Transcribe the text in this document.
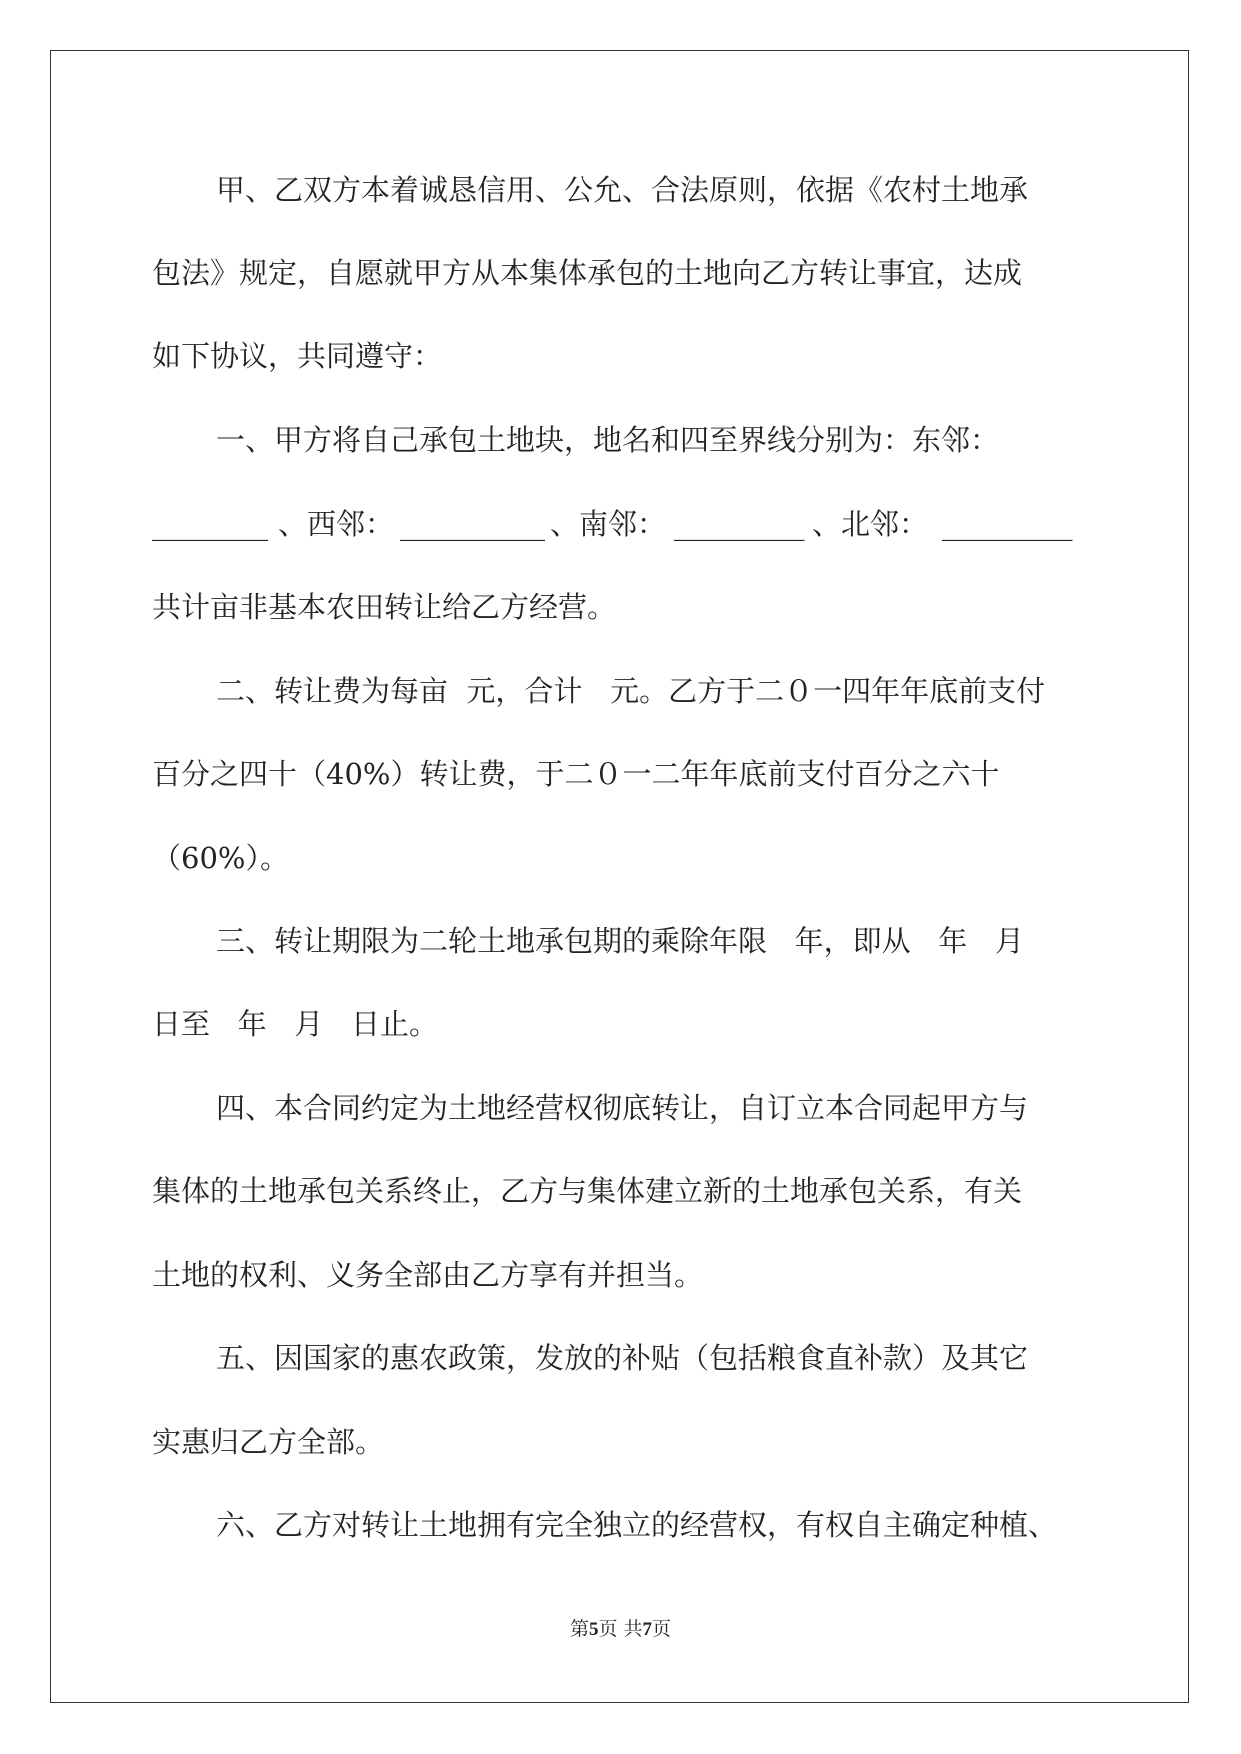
甲、乙双方本着诚恳信用、公允、合法原则，依据《农村土地承
包法》规定，自愿就甲方从本集体承包的土地向乙方转让事宜，达成
如下协议，共同遵守：
一、甲方将自己承包土地块，地名和四至界线分别为：东邻：
________ 、西邻： __________ 、南邻： _________ 、北邻： _________
共计亩非基本农田转让给乙方经营。
二、转让费为每亩  元，合计   元。乙方于二０一四年年底前支付
百分之四十（40%）转让费，于二０一二年年底前支付百分之六十
（60%）。
三、转让期限为二轮土地承包期的乘除年限   年，即从   年   月
日至   年   月   日止。
四、本合同约定为土地经营权彻底转让，自订立本合同起甲方与
集体的土地承包关系终止，乙方与集体建立新的土地承包关系，有关
土地的权利、义务全部由乙方享有并担当。
五、因国家的惠农政策，发放的补贴（包括粮食直补款）及其它
实惠归乙方全部。
六、乙方对转让土地拥有完全独立的经营权，有权自主确定种植、
第5页 共7页
